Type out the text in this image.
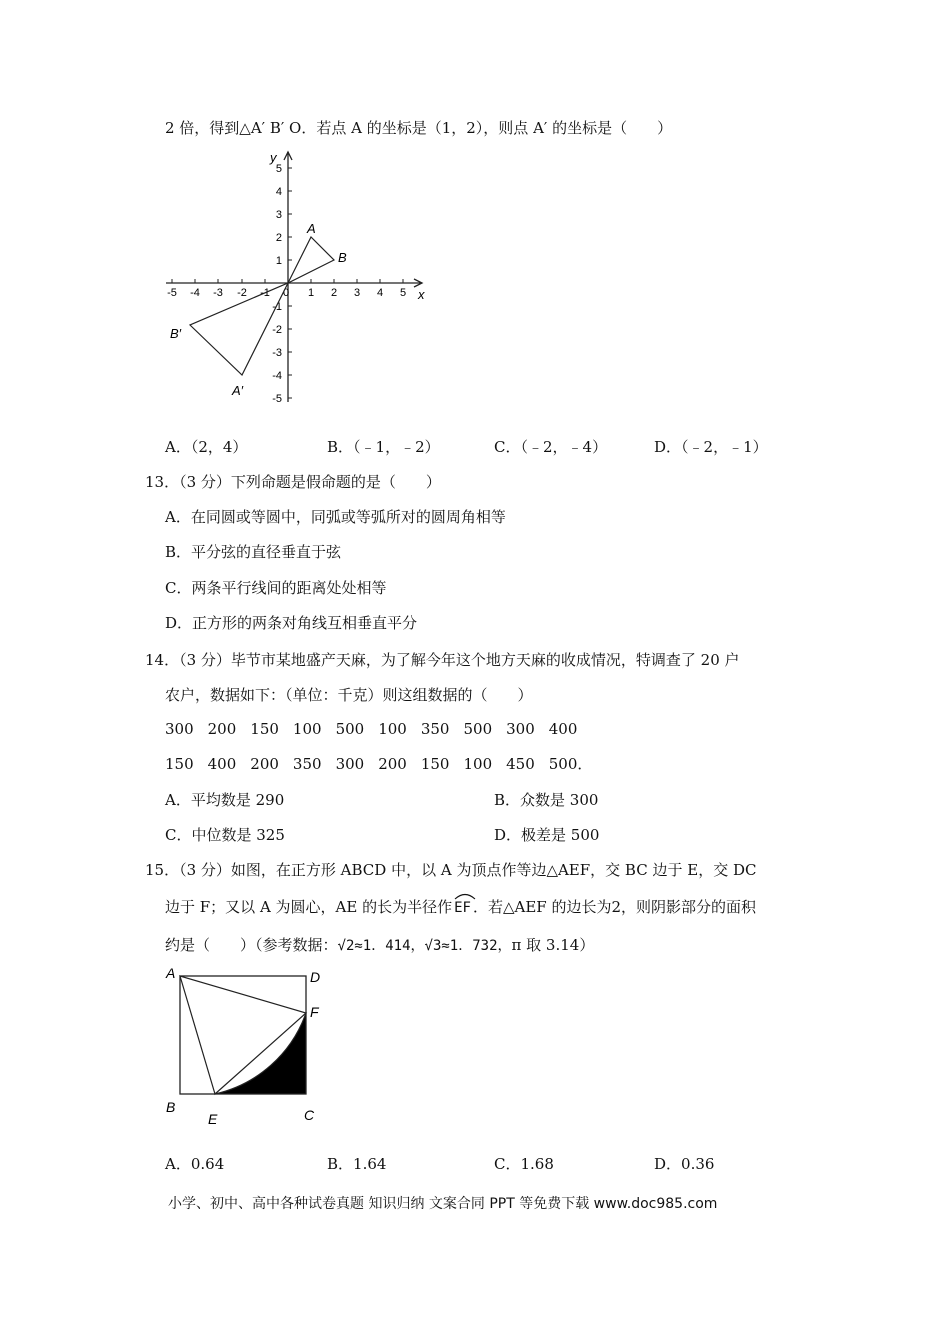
2 倍，得到△A′ B′ O．若点 A 的坐标是（1，2），则点 A′ 的坐标是（　　）
x
y
-5 -4 -3 -2 -1 0 1 2 3 4 5
5
4
3
2
1
-1
-2
-3
-4
-5
A
B
A′
B′
A．（2，4）	B．（﹣1，﹣2）	C．（﹣2，﹣4）	D．（﹣2，﹣1）
13．（3 分）下列命题是假命题的是（　　）
A．在同圆或等圆中，同弧或等弧所对的圆周角相等
B．平分弦的直径垂直于弦
C．两条平行线间的距离处处相等
D．正方形的两条对角线互相垂直平分
14．（3 分）毕节市某地盛产天麻，为了解今年这个地方天麻的收成情况，特调查了 20 户
农户，数据如下：（单位：千克）则这组数据的（　　）
300 200 150 100 500 100 350 500 300 400
150 400 200 350 300 200 150 100 450 500．
A．平均数是 290	B．众数是 300
C．中位数是 325	D．极差是 500
15．（3 分）如图，在正方形 ABCD 中，以 A 为顶点作等边△AEF，交 BC 边于 E，交 DC
边于 F；又以 A 为圆心，AE 的长为半径作 EF ．若△AEF 的边长为2，则阴影部分的面积
约是（　　）（参考数据：√2≈1．414，√3≈1．732，π 取 3.14）
A	D
F
B
E	C
A．0.64	B．1.64	C．1.68	D．0.36
小学、初中、高中各种试卷真题 知识归纳 文案合同 PPT 等免费下载 www.doc985.com
